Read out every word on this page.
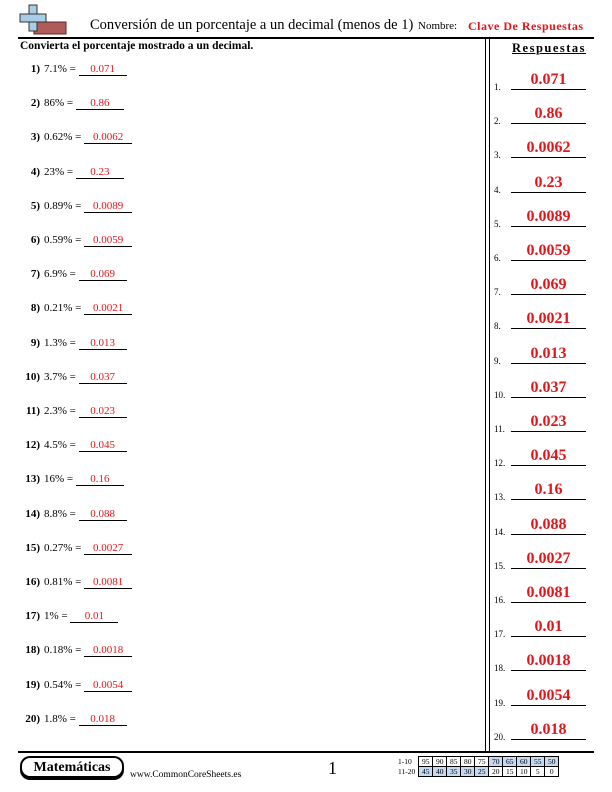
Conversión de un porcentaje a un decimal (menos de 1) Nombre: Clave De Respuestas
Convierta el porcentaje mostrado a un decimal.	Respuestas
1) 7.1% = 0.071
2) 86% = 0.86
3) 0.62% = 0.0062
4) 23% = 0.23
5) 0.89% = 0.0089
6) 0.59% = 0.0059
7) 6.9% = 0.069
8) 0.21% = 0.0021
9) 1.3% = 0.013
10) 3.7% = 0.037
11) 2.3% = 0.023
12) 4.5% = 0.045
13) 16% = 0.16
14) 8.8% = 0.088
15) 0.27% = 0.0027
16) 0.81% = 0.0081
17) 1% = 0.01
18) 0.18% = 0.0018
19) 0.54% = 0.0054
20) 1.8% = 0.018
1.	0.071
2.	0.86
3.	0.0062
4.	0.23
5.	0.0089
6.	0.0059
7.	0.069
8.	0.0021
9.	0.013
10.	0.037
11.	0.023
12.	0.045
13.	0.16
14.	0.088
15.	0.0027
16.	0.0081
17.	0.01
18.	0.0018
19.	0.0054
20.	0.018
Matemáticas	www.CommonCoreSheets.es	1	1-10	95	90	85	80	75	70	65	60	55	50
11-20	45	40	35	30	25	20	15	10	5	0
